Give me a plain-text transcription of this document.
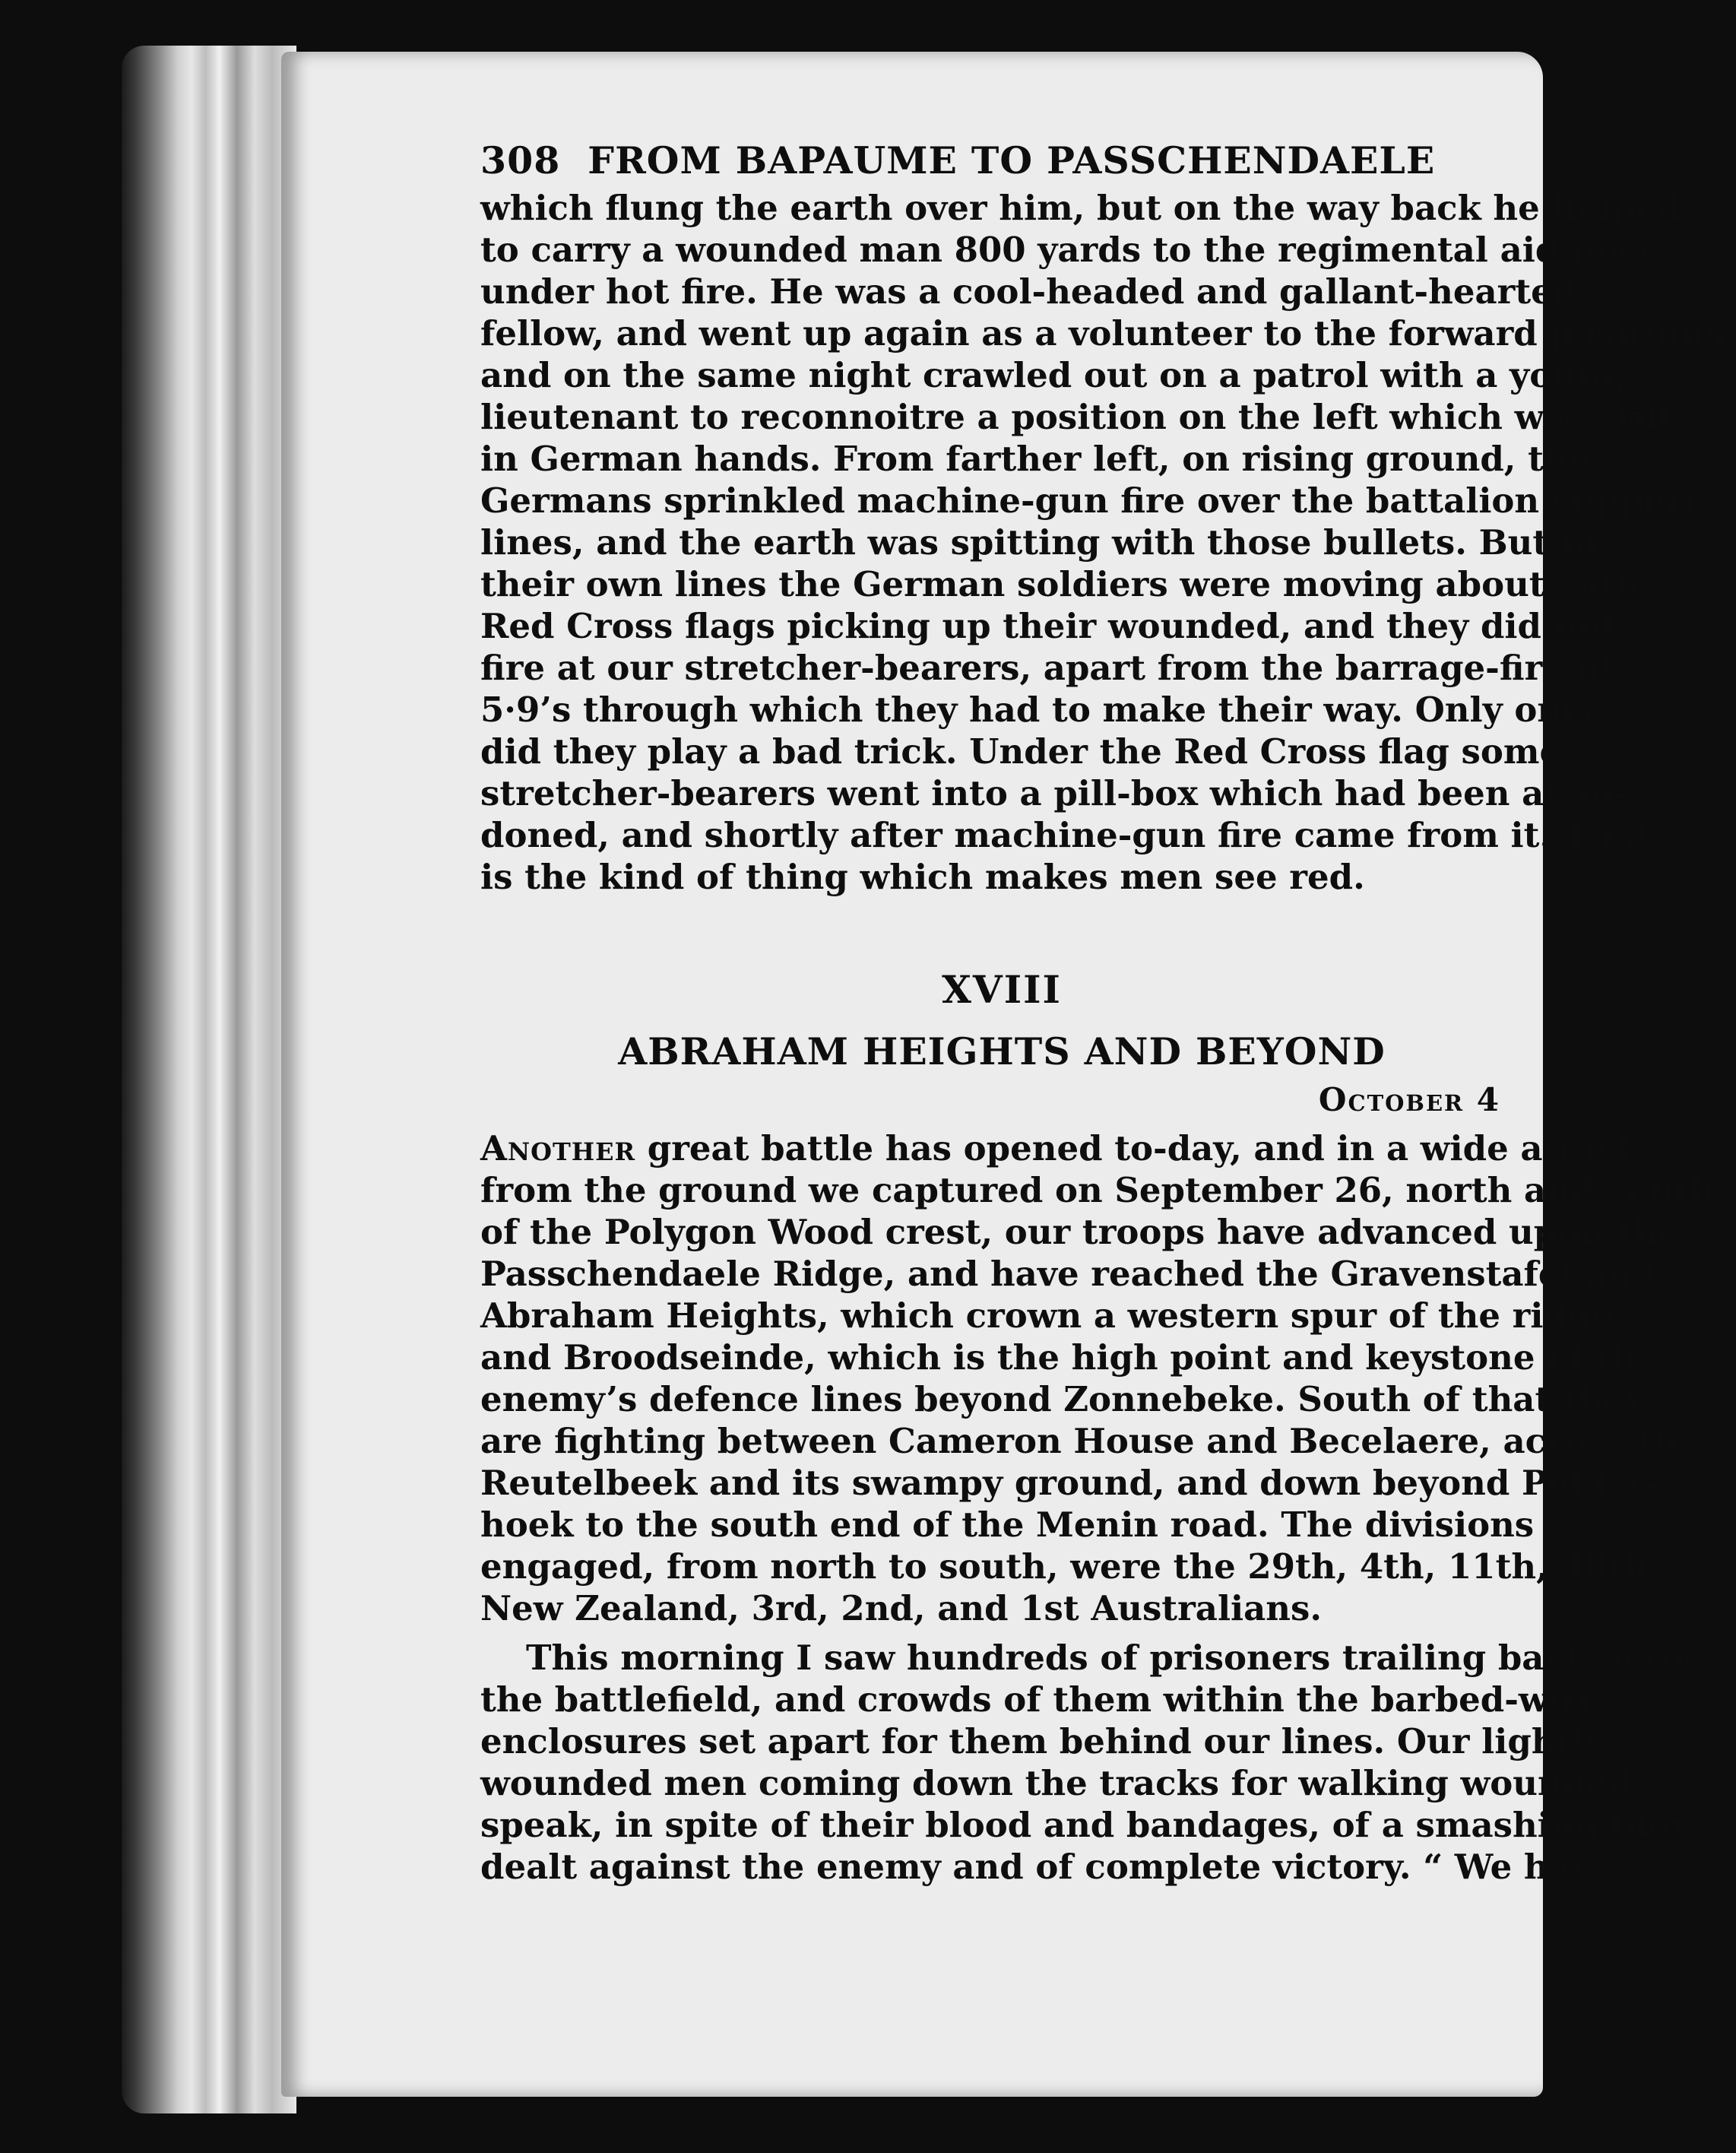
308 FROM BAPAUME TO PASSCHENDAELE
which flung the earth over him, but on the way back he helped
to carry a wounded man 800 yards to the regimental aid post
under hot fire. He was a cool-headed and gallant-hearted
fellow, and went up again as a volunteer to the forward positions,
and on the same night crawled out on a patrol with a young
lieutenant to reconnoitre a position on the left which was still
in German hands. From farther left, on rising ground, the
Germans sprinkled machine-gun fire over the battalion support
lines, and the earth was spitting with those bullets. But in
their own lines the German soldiers were moving about with
Red Cross flags picking up their wounded, and they did not
fire at our stretcher-bearers, apart from the barrage-fire of
5·9’s through which they had to make their way. Only once
did they play a bad trick. Under the Red Cross flag some
stretcher-bearers went into a pill-box which had been aban-
doned, and shortly after machine-gun fire came from it. That
is the kind of thing which makes men see red.
XVIII
ABRAHAM HEIGHTS AND BEYOND
October 4
Another great battle has opened to-day, and in a wide attack
from the ground we captured on September 26, north and south
of the Polygon Wood crest, our troops have advanced upon the
Passchendaele Ridge, and have reached the Gravenstafel and
Abraham Heights, which crown a western spur of the ridge,
and Broodseinde, which is the high point and keystone of the
enemy’s defence lines beyond Zonnebeke. South of that they
are fighting between Cameron House and Becelaere, across the
Reutelbeek and its swampy ground, and down beyond Polder-
hoek to the south end of the Menin road. The divisions
engaged, from north to south, were the 29th, 4th, 11th, 48th,
New Zealand, 3rd, 2nd, and 1st Australians.
This morning I saw hundreds of prisoners trailing back across
the battlefield, and crowds of them within the barbed-wire
enclosures set apart for them behind our lines. Our lightly
wounded men coming down the tracks for walking wounded
speak, in spite of their blood and bandages, of a smashing blow
dealt against the enemy and of complete victory. “ We have
